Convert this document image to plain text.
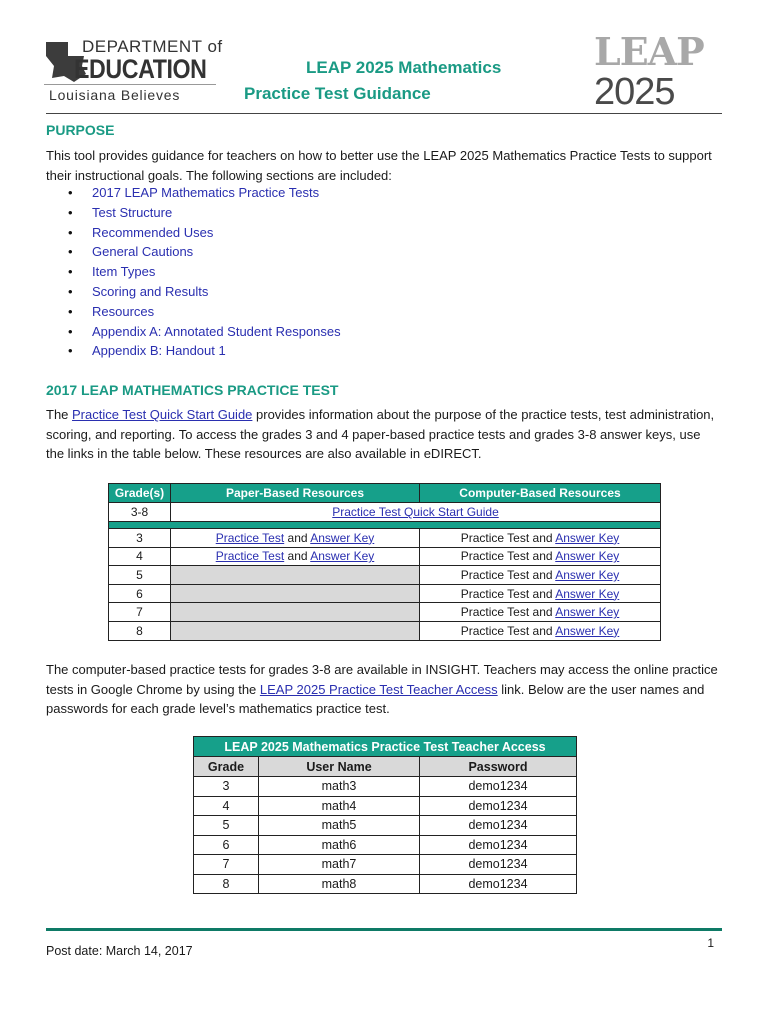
DEPARTMENT of
EDUCATION
Louisiana Believes
LEAP 2025 Mathematics
Practice Test Guidance
LEAP
2025
PURPOSE

This tool provides guidance for teachers on how to better use the LEAP 2025 Mathematics Practice Tests to support their instructional goals. The following sections are included:

• 2017 LEAP Mathematics Practice Tests
• Test Structure
• Recommended Uses
• General Cautions
• Item Types
• Scoring and Results
• Resources
• Appendix A: Annotated Student Responses
• Appendix B: Handout 1
2017 LEAP MATHEMATICS PRACTICE TEST

The Practice Test Quick Start Guide provides information about the purpose of the practice tests, test administration, scoring, and reporting. To access the grades 3 and 4 paper-based practice tests and grades 3-8 answer keys, use the links in the table below. These resources are also available in eDIRECT.

Grade(s)	Paper-Based Resources	Computer-Based Resources
3-8	Practice Test Quick Start Guide	

3	Practice Test and Answer Key	Practice Test and Answer Key
4	Practice Test and Answer Key	Practice Test and Answer Key
5		Practice Test and Answer Key
6		Practice Test and Answer Key
7		Practice Test and Answer Key
8		Practice Test and Answer Key

The computer-based practice tests for grades 3-8 are available in INSIGHT. Teachers may access the online practice tests in Google Chrome by using the LEAP 2025 Practice Test Teacher Access link. Below are the user names and passwords for each grade level’s mathematics practice test.

LEAP 2025 Mathematics Practice Test Teacher Access		
Grade	User Name	Password
3	math3	demo1234
4	math4	demo1234
5	math5	demo1234
6	math6	demo1234
7	math7	demo1234
8	math8	demo1234
1
Post date: March 14, 2017
